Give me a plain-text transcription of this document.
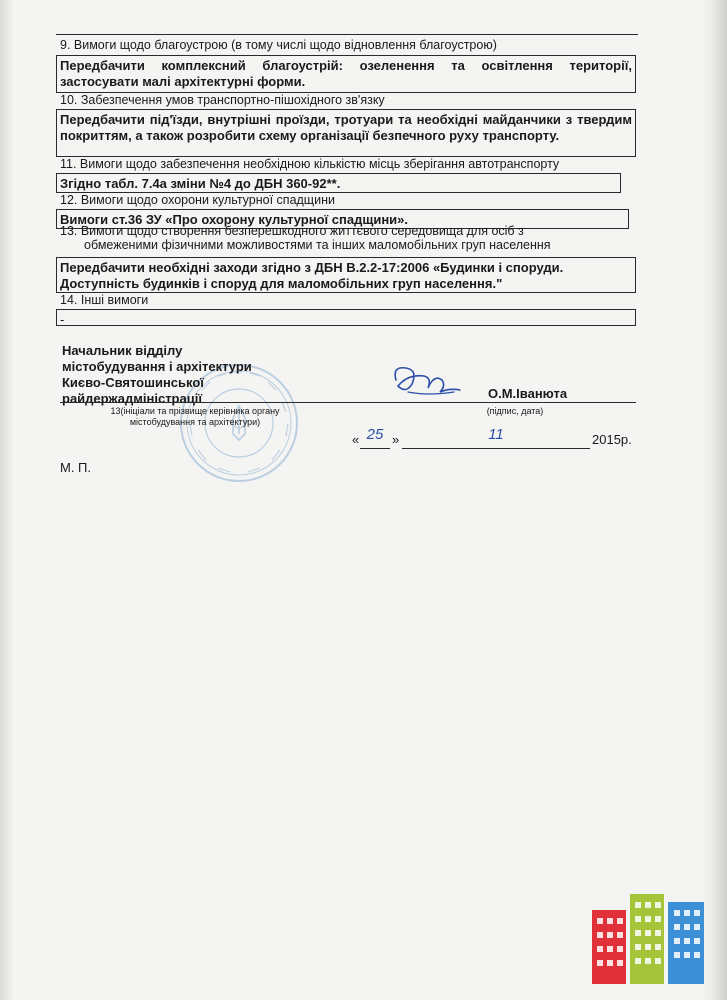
9. Вимоги щодо благоустрою (в тому числі щодо відновлення благоустрою)
Передбачити комплексний благоустрій: озеленення та освітлення території, застосувати малі архітектурні форми.
10. Забезпечення умов транспортно-пішохідного зв'язку
Передбачити під'їзди, внутрішні проїзди, тротуари та необхідні майданчики з твердим покриттям, а також розробити схему організації безпечного руху транспорту.
11. Вимоги щодо забезпечення необхідною кількістю місць зберігання автотранспорту
Згідно табл. 7.4а зміни №4 до ДБН 360-92**.
12. Вимоги щодо охорони культурної спадщини
Вимоги ст.36 ЗУ «Про охорону культурної спадщини».
13. Вимоги щодо створення безперешкодного життєвого середовища для осіб з
обмеженими фізичними можливостями та інших маломобільних груп населення
Передбачити необхідні заходи згідно з ДБН В.2.2-17:2006 «Будинки і споруди.
Доступність будинків і споруд для маломобільних груп населення."
14. Інші вимоги
-
Начальник відділу
містобудування і архітектури
Києво-Святошинської
райдержадміністрації	О.М.Іванюта
(підпис, дата)
13(ініціали та прізвище керівника органу
містобудування та архітектури)
« 25 »	11	2015р.
М. П.
